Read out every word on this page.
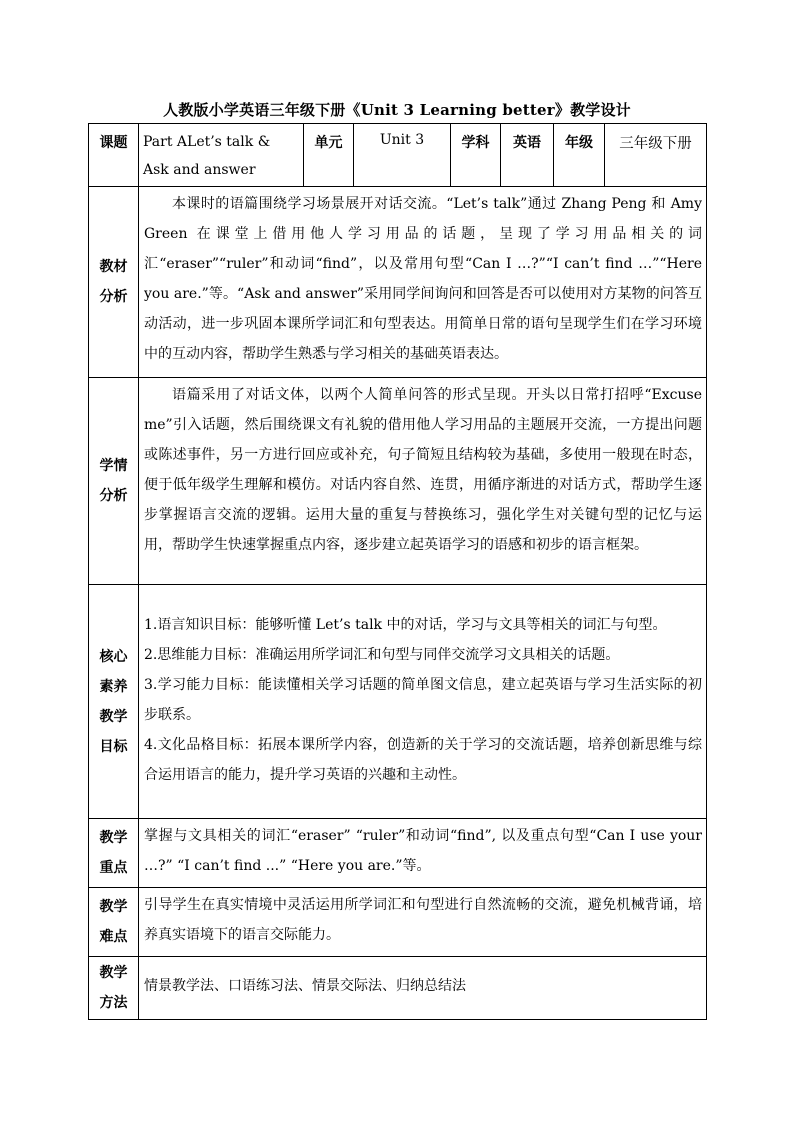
人教版小学英语三年级下册《Unit 3 Learning better》教学设计
课题	Part ALet’s talk & Ask and answer	单元	Unit 3	学科	英语	年级	三年级下册
教材分析	本课时的语篇围绕学习场景展开对话交流。“Let’s talk”通过 Zhang Peng 和 Amy Green 在课堂上借用他人学习用品的话题，呈现了学习用品相关的词汇“eraser”“ruler”和动词“find”，以及常用句型“Can I …?”“I can’t find …”“Here you are.”等。“Ask and answer”采用同学间询问和回答是否可以使用对方某物的问答互动活动，进一步巩固本课所学词汇和句型表达。用简单日常的语句呈现学生们在学习环境中的互动内容，帮助学生熟悉与学习相关的基础英语表达。						

学情分析	语篇采用了对话文体，以两个人简单问答的形式呈现。开头以日常打招呼“Excuse me”引入话题，然后围绕课文有礼貌的借用他人学习用品的主题展开交流，一方提出问题或陈述事件，另一方进行回应或补充，句子简短且结构较为基础，多使用一般现在时态，便于低年级学生理解和模仿。对话内容自然、连贯，用循序渐进的对话方式，帮助学生逐步掌握语言交流的逻辑。运用大量的重复与替换练习，强化学生对关键句型的记忆与运用，帮助学生快速掌握重点内容，逐步建立起英语学习的语感和初步的语言框架。						

核心素养教学目标	1.语言知识目标：能够听懂 Let’s talk 中的对话，学习与文具等相关的词汇与句型。

2.思维能力目标：准确运用所学词汇和句型与同伴交流学习文具相关的话题。

3.学习能力目标：能读懂相关学习话题的简单图文信息，建立起英语与学习生活实际的初步联系。

4.文化品格目标：拓展本课所学内容，创造新的关于学习的交流话题，培养创新思维与综合运用语言的能力，提升学习英语的兴趣和主动性。						

教学重点	掌握与文具相关的词汇“eraser” “ruler”和动词“find”, 以及重点句型“Can I use your …?” “I can’t find ...” “Here you are.”等。						

教学难点	引导学生在真实情境中灵活运用所学词汇和句型进行自然流畅的交流，避免机械背诵，培养真实语境下的语言交际能力。						

教学方法	情景教学法、口语练习法、情景交际法、归纳总结法						
